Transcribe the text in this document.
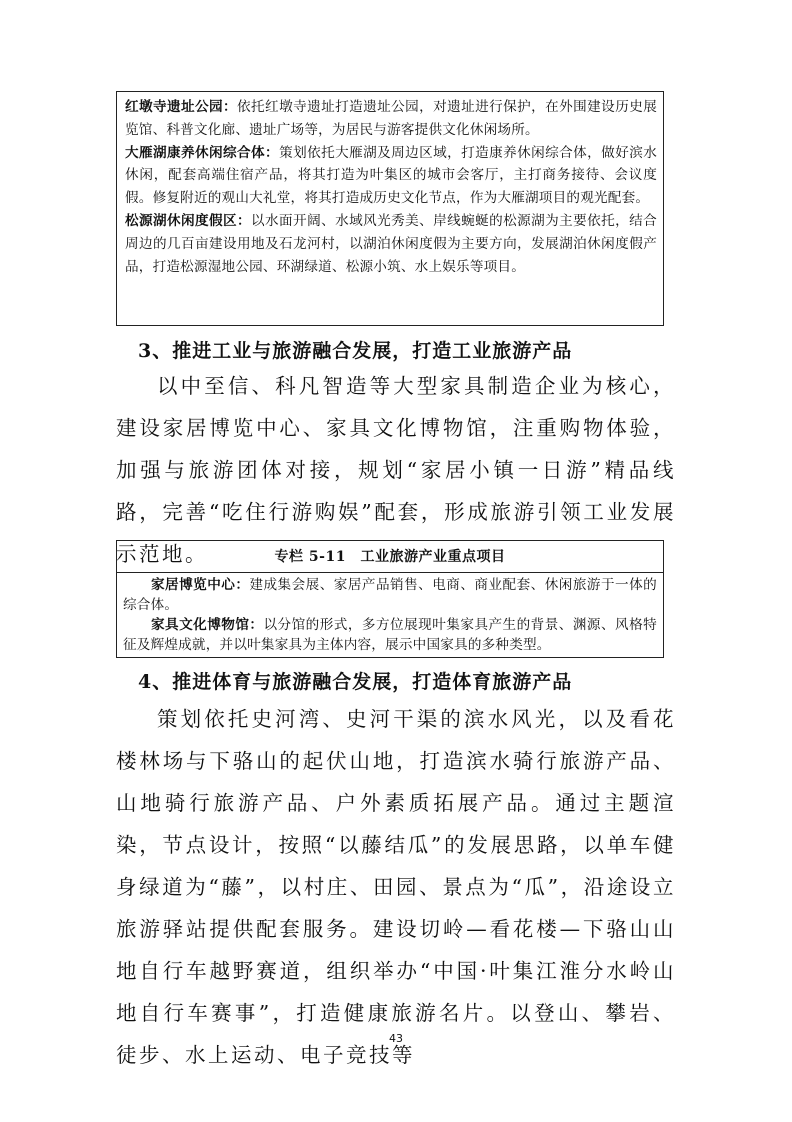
红墩寺遗址公园：依托红墩寺遗址打造遗址公园，对遗址进行保护，在外围建设历史展览馆、科普文化廊、遗址广场等，为居民与游客提供文化休闲场所。

大雁湖康养休闲综合体：策划依托大雁湖及周边区域，打造康养休闲综合体，做好滨水休闲，配套高端住宿产品，将其打造为叶集区的城市会客厅，主打商务接待、会议度假。修复附近的观山大礼堂，将其打造成历史文化节点，作为大雁湖项目的观光配套。

松源湖休闲度假区：以水面开阔、水域风光秀美、岸线蜿蜒的松源湖为主要依托，结合周边的几百亩建设用地及石龙河村，以湖泊休闲度假为主要方向，发展湖泊休闲度假产品，打造松源湿地公园、环湖绿道、松源小筑、水上娱乐等项目。

3、推进工业与旅游融合发展，打造工业旅游产品

以中至信、科凡智造等大型家具制造企业为核心，建设家居博览中心、家具文化博物馆，注重购物体验，加强与旅游团体对接，规划“家居小镇一日游”精品线路，完善“吃住行游购娱”配套，形成旅游引领工业发展示范地。	专栏 5-11　工业旅游产业重点项目

家居博览中心：建成集会展、家居产品销售、电商、商业配套、休闲旅游于一体的综合体。

家具文化博物馆：以分馆的形式，多方位展现叶集家具产生的背景、渊源、风格特征及辉煌成就，并以叶集家具为主体内容，展示中国家具的多种类型。

4、推进体育与旅游融合发展，打造体育旅游产品

策划依托史河湾、史河干渠的滨水风光，以及看花楼林场与下骆山的起伏山地，打造滨水骑行旅游产品、山地骑行旅游产品、户外素质拓展产品。通过主题渲染，节点设计，按照“以藤结瓜”的发展思路，以单车健身绿道为“藤”，以村庄、田园、景点为“瓜”，沿途设立旅游驿站提供配套服务。建设切岭—看花楼—下骆山山地自行车越野赛道，组织举办“中国·叶集江淮分水岭山地自行车赛事”，打造健康旅游名片。以登山、攀岩、徒步、水上运动、电子竞技等

43
